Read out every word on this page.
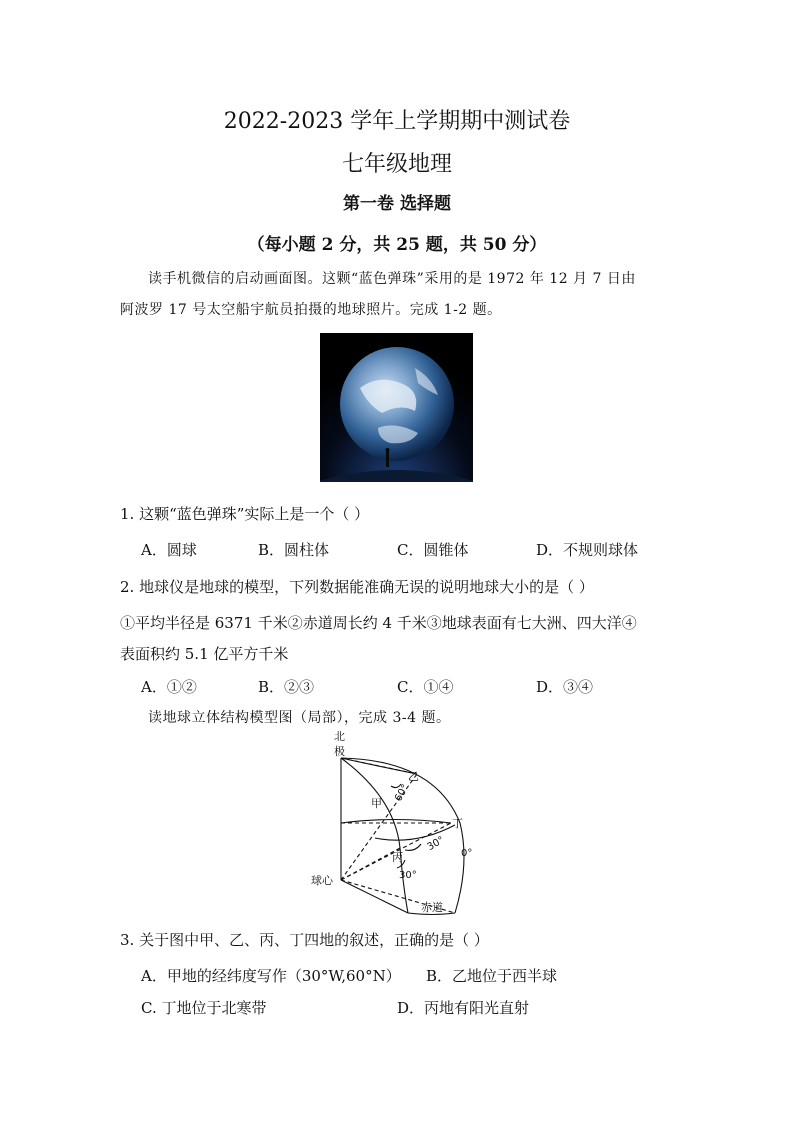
2022-2023 学年上学期期中测试卷
七年级地理
第一卷 选择题
（每小题 2 分，共 25 题，共 50 分）
读手机微信的启动画面图。这颗“蓝色弹珠”采用的是 1972 年 12 月 7 日由
阿波罗 17 号太空船宇航员拍摄的地球照片。完成 1-2 题。
1. 这颗“蓝色弹珠”实际上是一个（ ）
A．圆球	B．圆柱体	C．圆锥体	D．不规则球体
2. 地球仪是地球的模型，下列数据能准确无误的说明地球大小的是（ ）
①平均半径是 6371 千米②赤道周长约 4 千米③地球表面有七大洲、四大洋④
表面积约 5.1 亿平方千米
A．①②	B．②③	C．①④	D．③④
读地球立体结构模型图（局部），完成 3-4 题。
北
极
乙
甲 60°
丁
30°
0°
丙
30°
球心
赤道
3. 关于图中甲、乙、丙、丁四地的叙述，正确的是（ ）
A．甲地的经纬度写作（30°W,60°N） B．乙地位于西半球
C. 丁地位于北寒带	D．丙地有阳光直射
